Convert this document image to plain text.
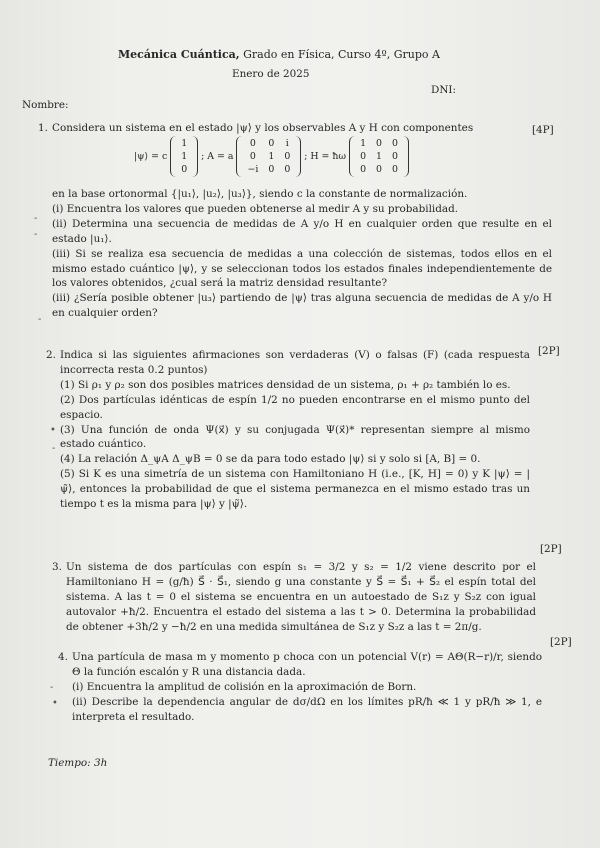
Mecánica Cuántica, Grado en Física, Curso 4º, Grupo A
Enero de 2025
DNI:
Nombre:
1. Considera un sistema en el estado |ψ⟩ y los observables A y H con componentes	[4P]
|ψ⟩ = c
1
1
0
; A = a
0	0	i
0	1	0
−i	0	0
; H = ħω
1	0	0
0	1	0
0	0	0

en la base ortonormal {|u₁⟩, |u₂⟩, |u₃⟩}, siendo c la constante de normalización.

(i) Encuentra los valores que pueden obtenerse al medir A y su probabilidad.

(ii) Determina una secuencia de medidas de A y/o H en cualquier orden que resulte en el estado |u₁⟩.

(iii) Si se realiza esa secuencia de medidas a una colección de sistemas, todos ellos en el mismo estado cuántico |ψ⟩, y se seleccionan todos los estados finales independientemente de los valores obtenidos, ¿cual será la matriz densidad resultante?

(iii) ¿Sería posible obtener |u₃⟩ partiendo de |ψ⟩ tras alguna secuencia de medidas de A y/o H en cualquier orden?

2.	[2P]

Indica si las siguientes afirmaciones son verdaderas (V) o falsas (F) (cada respuesta incorrecta resta 0.2 puntos)

(1) Si ρ₁ y ρ₂ son dos posibles matrices densidad de un sistema, ρ₁ + ρ₂ también lo es.

(2) Dos partículas idénticas de espín 1/2 no pueden encontrarse en el mismo punto del espacio.

(3) Una función de onda Ψ(x⃗) y su conjugada Ψ(x⃗)* representan siempre al mismo estado cuántico.

(4) La relación Δ_ψA Δ_ψB = 0 se da para todo estado |ψ⟩ si y solo si [A, B] = 0.

(5) Si K es una simetría de un sistema con Hamiltoniano H (i.e., [K, H] = 0) y K |ψ⟩ = |ψ̃⟩, entonces la probabilidad de que el sistema permanezca en el mismo estado tras un tiempo t es la misma para |ψ⟩ y |ψ̃⟩.

3.
[2P]
Un sistema de dos partículas con espín s₁ = 3/2 y s₂ = 1/2 viene descrito por el Hamiltoniano H = (g/ħ) S⃗ · S⃗₁, siendo g una constante y S⃗ = S⃗₁ + S⃗₂ el espín total del sistema. A las t = 0 el sistema se encuentra en un autoestado de S₁z y S₂z con igual autovalor +ħ/2. Encuentra el estado del sistema a las t > 0. Determina la probabilidad de obtener +3ħ/2 y −ħ/2 en una medida simultánea de S₁z y S₂z a las t = 2π/g.
4.
[2P]

Una partícula de masa m y momento p choca con un potencial V(r) = AΘ(R−r)/r, siendo Θ la función escalón y R una distancia dada.

(i) Encuentra la amplitud de colisión en la aproximación de Born.

(ii) Describe la dependencia angular de dσ/dΩ en los límites pR/ħ ≪ 1 y pR/ħ ≫ 1, e interpreta el resultado.

Tiempo: 3h
-
-
-
•
-
-
•
